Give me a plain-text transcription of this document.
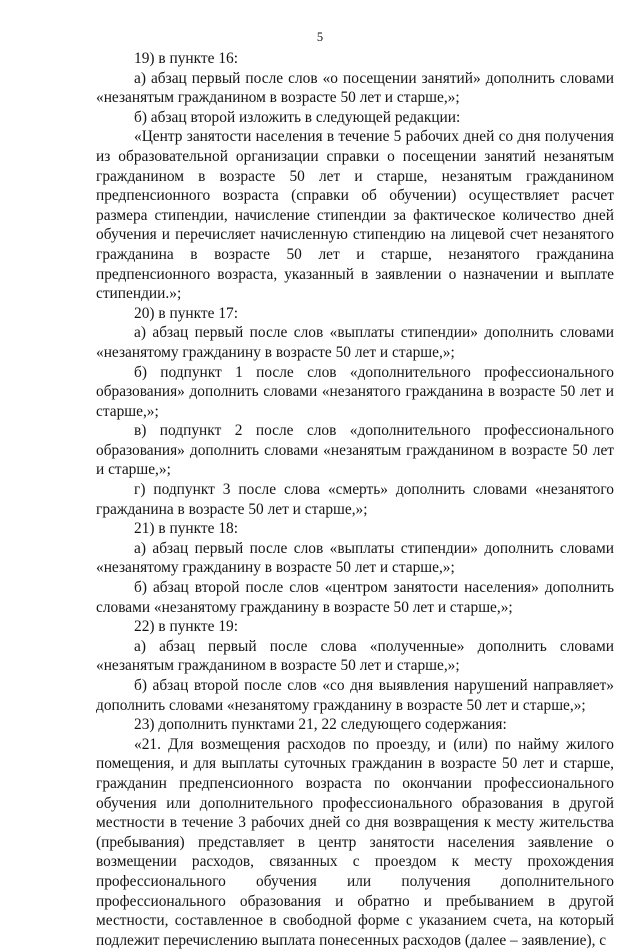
5

19) в пункте 16:

а) абзац первый после слов «о посещении занятий» дополнить словами «незанятым гражданином в возрасте 50 лет и старше,»;

б) абзац второй изложить в следующей редакции:

«Центр занятости населения в течение 5 рабочих дней со дня получения из образовательной организации справки о посещении занятий незанятым гражданином в возрасте 50 лет и старше, незанятым гражданином предпенсионного возраста (справки об обучении) осуществляет расчет размера стипендии, начисление стипендии за фактическое количество дней обучения и перечисляет начисленную стипендию на лицевой счет незанятого гражданина в возрасте 50 лет и старше, незанятого гражданина предпенсионного возраста, указанный в заявлении о назначении и выплате стипендии.»;

20) в пункте 17:

а) абзац первый после слов «выплаты стипендии» дополнить словами «незанятому гражданину в возрасте 50 лет и старше,»;

б) подпункт 1 после слов «дополнительного профессионального образования» дополнить словами «незанятого гражданина в возрасте 50 лет и старше,»;

в) подпункт 2 после слов «дополнительного профессионального образования» дополнить словами «незанятым гражданином в возрасте 50 лет и старше,»;

г) подпункт 3 после слова «смерть» дополнить словами «незанятого гражданина в возрасте 50 лет и старше,»;

21) в пункте 18:

а) абзац первый после слов «выплаты стипендии» дополнить словами «незанятому гражданину в возрасте 50 лет и старше,»;

б) абзац второй после слов «центром занятости населения» дополнить словами «незанятому гражданину в возрасте 50 лет и старше,»;

22) в пункте 19:

а) абзац первый после слова «полученные» дополнить словами «незанятым гражданином в возрасте 50 лет и старше,»;

б) абзац второй после слов «со дня выявления нарушений направляет» дополнить словами «незанятому гражданину в возрасте 50 лет и старше,»;

23) дополнить пунктами 21, 22 следующего содержания:

«21. Для возмещения расходов по проезду, и (или) по найму жилого помещения, и для выплаты суточных гражданин в возрасте 50 лет и старше, гражданин предпенсионного возраста по окончании профессионального обучения или дополнительного профессионального образования в другой местности в течение 3 рабочих дней со дня возвращения к месту жительства (пребывания) представляет в центр занятости населения заявление о возмещении расходов, связанных с проездом к месту прохождения профессионального обучения или получения дополнительного профессионального образования и обратно и пребыванием в другой местности, составленное в свободной форме с указанием счета, на который подлежит перечислению выплата понесенных расходов (далее – заявление), с
